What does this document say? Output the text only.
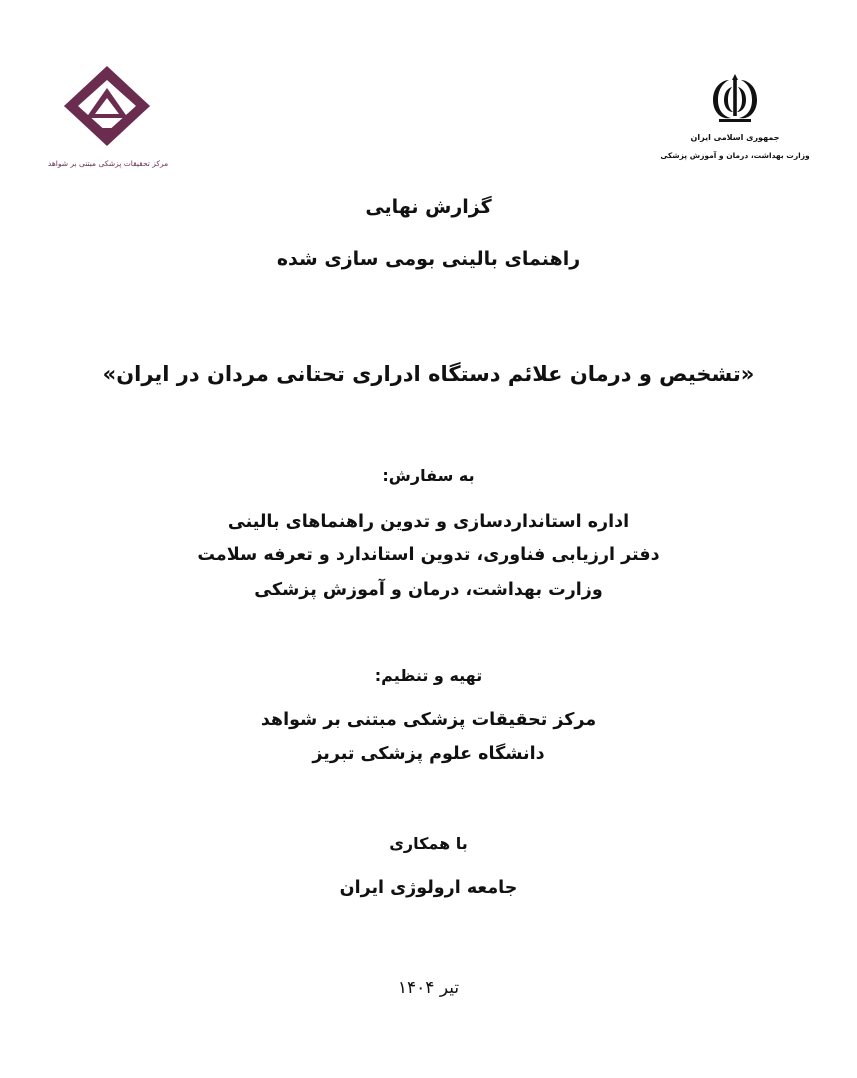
مرکز تحقیقات پزشکی مبتنی بر شواهد
جمهوری اسلامی ایران
وزارت بهداشت، درمان و آموزش پزشکی
گزارش نهایی
راهنمای بالینی بومی سازی شده
«تشخیص و درمان علائم دستگاه ادراری تحتانی مردان در ایران»
به سفارش:
اداره استانداردسازی و تدوین راهنماهای بالینی
دفتر ارزیابی فناوری، تدوین استاندارد و تعرفه سلامت
وزارت بهداشت، درمان و آموزش پزشکی
تهیه و تنظیم:
مرکز تحقیقات پزشکی مبتنی بر شواهد
دانشگاه علوم پزشکی تبریز
با همکاری
جامعه ارولوژی ایران
تیر ۱۴۰۴
